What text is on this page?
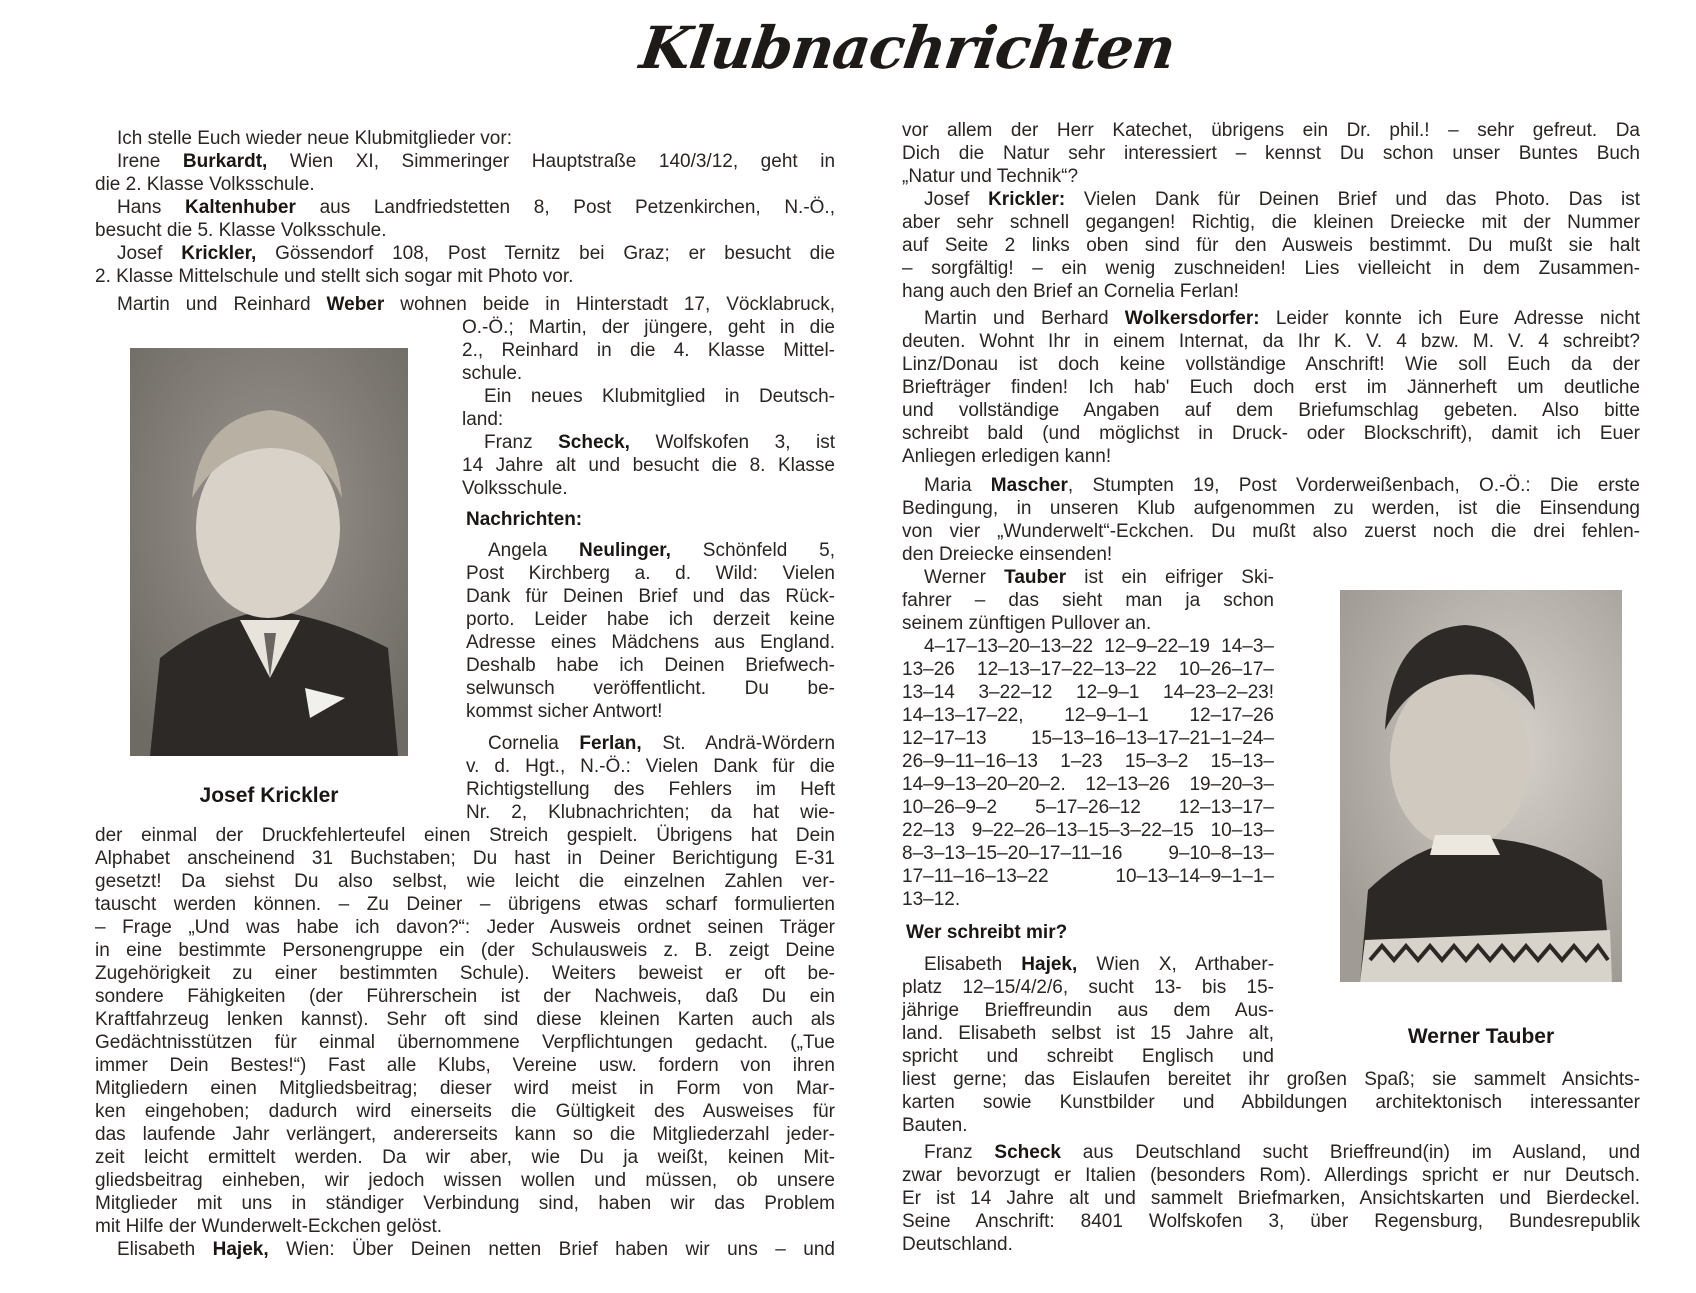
Klubnachrichten
Ich stelle Euch wieder neue Klubmitglieder vor:
Irene Burkardt, Wien XI, Simmeringer Hauptstraße 140/3/12, geht in
die 2. Klasse Volksschule.
Hans Kaltenhuber aus Landfriedstetten 8, Post Petzenkirchen, N.-Ö.,
besucht die 5. Klasse Volksschule.
Josef Krickler, Gössendorf 108, Post Ternitz bei Graz; er besucht die
2. Klasse Mittelschule und stellt sich sogar mit Photo vor.
Martin und Reinhard Weber wohnen beide in Hinterstadt 17, Vöcklabruck,
O.-Ö.; Martin, der jüngere, geht in die
2., Reinhard in die 4. Klasse Mittel-
schule.
Ein neues Klubmitglied in Deutsch-
land:
Franz Scheck, Wolfskofen 3, ist
14 Jahre alt und besucht die 8. Klasse
Volksschule.
Nachrichten:
Angela Neulinger, Schönfeld 5,
Post Kirchberg a. d. Wild: Vielen
Dank für Deinen Brief und das Rück-
porto. Leider habe ich derzeit keine
Adresse eines Mädchens aus England.
Deshalb habe ich Deinen Briefwech-
selwunsch veröffentlicht. Du be-
kommst sicher Antwort!
Cornelia Ferlan, St. Andrä-Wördern
v. d. Hgt., N.-Ö.: Vielen Dank für die
Richtigstellung des Fehlers im Heft
Nr. 2, Klubnachrichten; da hat wie-
der einmal der Druckfehlerteufel einen Streich gespielt. Übrigens hat Dein
Alphabet anscheinend 31 Buchstaben; Du hast in Deiner Berichtigung E-31
gesetzt! Da siehst Du also selbst, wie leicht die einzelnen Zahlen ver-
tauscht werden können. – Zu Deiner – übrigens etwas scharf formulierten
– Frage „Und was habe ich davon?“: Jeder Ausweis ordnet seinen Träger
in eine bestimmte Personengruppe ein (der Schulausweis z. B. zeigt Deine
Zugehörigkeit zu einer bestimmten Schule). Weiters beweist er oft be-
sondere Fähigkeiten (der Führerschein ist der Nachweis, daß Du ein
Kraftfahrzeug lenken kannst). Sehr oft sind diese kleinen Karten auch als
Gedächtnisstützen für einmal übernommene Verpflichtungen gedacht. („Tue
immer Dein Bestes!“) Fast alle Klubs, Vereine usw. fordern von ihren
Mitgliedern einen Mitgliedsbeitrag; dieser wird meist in Form von Mar-
ken eingehoben; dadurch wird einerseits die Gültigkeit des Ausweises für
das laufende Jahr verlängert, andererseits kann so die Mitgliederzahl jeder-
zeit leicht ermittelt werden. Da wir aber, wie Du ja weißt, keinen Mit-
gliedsbeitrag einheben, wir jedoch wissen wollen und müssen, ob unsere
Mitglieder mit uns in ständiger Verbindung sind, haben wir das Problem
mit Hilfe der Wunderwelt-Eckchen gelöst.
Elisabeth Hajek, Wien: Über Deinen netten Brief haben wir uns – und
Josef Krickler
vor allem der Herr Katechet, übrigens ein Dr. phil.! – sehr gefreut. Da
Dich die Natur sehr interessiert – kennst Du schon unser Buntes Buch
„Natur und Technik“?
Josef Krickler: Vielen Dank für Deinen Brief und das Photo. Das ist
aber sehr schnell gegangen! Richtig, die kleinen Dreiecke mit der Nummer
auf Seite 2 links oben sind für den Ausweis bestimmt. Du mußt sie halt
– sorgfältig! – ein wenig zuschneiden! Lies vielleicht in dem Zusammen-
hang auch den Brief an Cornelia Ferlan!
Martin und Berhard Wolkersdorfer: Leider konnte ich Eure Adresse nicht
deuten. Wohnt Ihr in einem Internat, da Ihr K. V. 4 bzw. M. V. 4 schreibt?
Linz/Donau ist doch keine vollständige Anschrift! Wie soll Euch da der
Briefträger finden! Ich hab' Euch doch erst im Jännerheft um deutliche
und vollständige Angaben auf dem Briefumschlag gebeten. Also bitte
schreibt bald (und möglichst in Druck- oder Blockschrift), damit ich Euer
Anliegen erledigen kann!
Maria Mascher, Stumpten 19, Post Vorderweißenbach, O.-Ö.: Die erste
Bedingung, in unseren Klub aufgenommen zu werden, ist die Einsendung
von vier „Wunderwelt“-Eckchen. Du mußt also zuerst noch die drei fehlen-
den Dreiecke einsenden!
Werner Tauber ist ein eifriger Ski-
fahrer – das sieht man ja schon
seinem zünftigen Pullover an.
4–17–13–20–13–22 12–9–22–19 14–3–
13–26 12–13–17–22–13–22 10–26–17–
13–14 3–22–12 12–9–1 14–23–2–23!
14–13–17–22, 12–9–1–1 12–17–26
12–17–13 15–13–16–13–17–21–1–24–
26–9–11–16–13 1–23 15–3–2 15–13–
14–9–13–20–20–2. 12–13–26 19–20–3–
10–26–9–2 5–17–26–12 12–13–17–
22–13 9–22–26–13–15–3–22–15 10–13–
8–3–13–15–20–17–11–16 9–10–8–13–
17–11–16–13–22 10–13–14–9–1–1–
13–12.
Wer schreibt mir?
Elisabeth Hajek, Wien X, Arthaber-
platz 12–15/4/2/6, sucht 13- bis 15-
jährige Brieffreundin aus dem Aus-
land. Elisabeth selbst ist 15 Jahre alt,
spricht und schreibt Englisch und
liest gerne; das Eislaufen bereitet ihr großen Spaß; sie sammelt Ansichts-
karten sowie Kunstbilder und Abbildungen architektonisch interessanter
Bauten.
Franz Scheck aus Deutschland sucht Brieffreund(in) im Ausland, und
zwar bevorzugt er Italien (besonders Rom). Allerdings spricht er nur Deutsch.
Er ist 14 Jahre alt und sammelt Briefmarken, Ansichtskarten und Bierdeckel.
Seine Anschrift: 8401 Wolfskofen 3, über Regensburg, Bundesrepublik
Deutschland.
Werner Tauber
